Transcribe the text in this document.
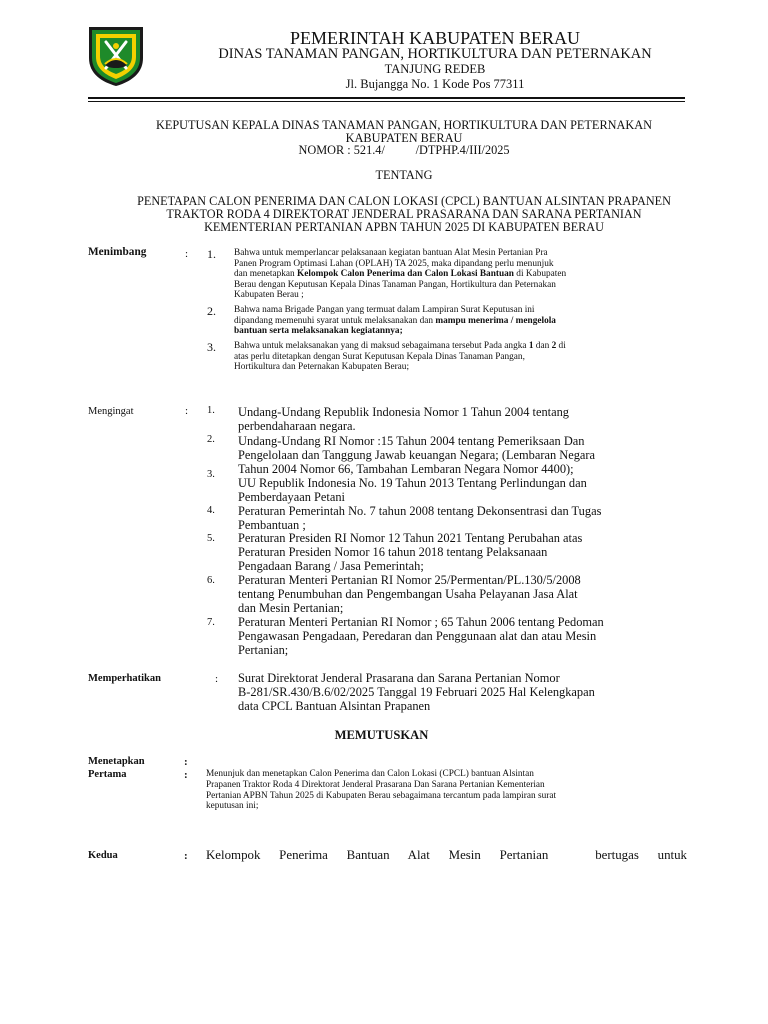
PEMERINTAH KABUPATEN BERAU
DINAS TANAMAN PANGAN, HORTIKULTURA DAN PETERNAKAN
TANJUNG REDEB
Jl. Bujangga No. 1 Kode Pos 77311
KEPUTUSAN KEPALA DINAS TANAMAN PANGAN, HORTIKULTURA DAN PETERNAKAN
KABUPATEN BERAU
NOMOR : 521.4/          /DTPHP.4/III/2025
TENTANG
PENETAPAN CALON PENERIMA DAN CALON LOKASI (CPCL) BANTUAN ALSINTAN PRAPANEN
TRAKTOR RODA 4 DIREKTORAT JENDERAL PRASARANA DAN SARANA PERTANIAN
KEMENTERIAN PERTANIAN APBN TAHUN 2025 DI KABUPATEN BERAU
Menimbang	: 1. Bahwa untuk memperlancar pelaksanaan kegiatan bantuan Alat Mesin Pertanian Pra
Panen Program Optimasi Lahan (OPLAH) TA 2025, maka dipandang perlu menunjuk
dan menetapkan Kelompok Calon Penerima dan Calon Lokasi Bantuan di Kabupaten
Berau dengan Keputusan Kepala Dinas Tanaman Pangan, Hortikultura dan Peternakan
Kabupaten Berau ;
2. Bahwa nama Brigade Pangan yang termuat dalam Lampiran Surat Keputusan ini
dipandang memenuhi syarat untuk melaksanakan dan mampu menerima / mengelola
bantuan serta melaksanakan kegiatannya;
3. Bahwa untuk melaksanakan yang di maksud sebagaimana tersebut Pada angka 1 dan 2 di
atas perlu ditetapkan dengan Surat Keputusan Kepala Dinas Tanaman Pangan,
Hortikultura dan Peternakan Kabupaten Berau;
Mengingat	: 1. Undang-Undang Republik Indonesia Nomor 1 Tahun 2004 tentang
perbendaharaan negara.
2. Undang-Undang RI Nomor :15 Tahun 2004 tentang Pemeriksaan Dan
Pengelolaan dan Tanggung Jawab keuangan Negara; (Lembaran Negara
Tahun 2004 Nomor 66, Tambahan Lembaran Negara Nomor 4400);
3.
UU Republik Indonesia No. 19 Tahun 2013 Tentang Perlindungan dan
Pemberdayaan Petani
4. Peraturan Pemerintah No. 7 tahun 2008 tentang Dekonsentrasi dan Tugas
Pembantuan ;
5. Peraturan Presiden RI Nomor 12 Tahun 2021 Tentang Perubahan atas
Peraturan Presiden Nomor 16 tahun 2018 tentang Pelaksanaan
Pengadaan Barang / Jasa Pemerintah;
6. Peraturan Menteri Pertanian RI Nomor 25/Permentan/PL.130/5/2008
tentang Penumbuhan dan Pengembangan Usaha Pelayanan Jasa Alat
dan Mesin Pertanian;
7. Peraturan Menteri Pertanian RI Nomor ; 65 Tahun 2006 tentang Pedoman
Pengawasan Pengadaan, Peredaran dan Penggunaan alat dan atau Mesin
Pertanian;
Memperhatikan	: Surat Direktorat Jenderal Prasarana dan Sarana Pertanian Nomor
B-281/SR.430/B.6/02/2025 Tanggal 19 Februari 2025 Hal Kelengkapan
data CPCL Bantuan Alsintan Prapanen
MEMUTUSKAN
Menetapkan	:
Pertama	: Menunjuk dan menetapkan Calon Penerima dan Calon Lokasi (CPCL) bantuan Alsintan
Prapanen Traktor Roda 4 Direktorat Jenderal Prasarana Dan Sarana Pertanian Kementerian
Pertanian APBN Tahun 2025 di Kabupaten Berau sebagaimana tercantum pada lampiran surat
keputusan ini;
Kedua	: Kelompok  Penerima  Bantuan  Alat  Mesin  Pertanian     bertugas  untuk
